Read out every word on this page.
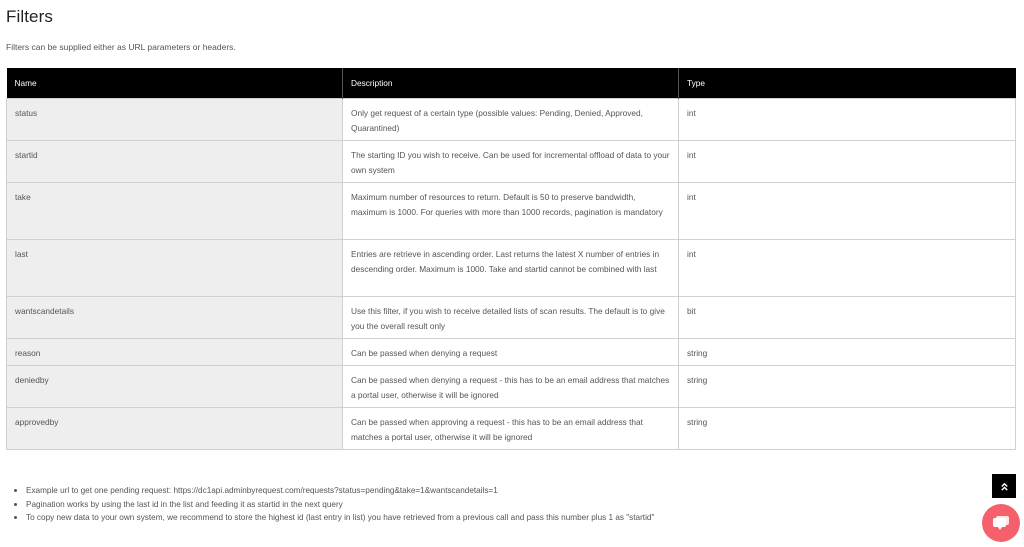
Filters

Filters can be supplied either as URL parameters or headers.

Name	Description	Type
status	Only get request of a certain type (possible values: Pending, Denied, Approved, Quarantined)	int
startid	The starting ID you wish to receive. Can be used for incremental offload of data to your own system	int
take	Maximum number of resources to return. Default is 50 to preserve bandwidth, maximum is 1000. For queries with more than 1000 records, pagination is mandatory	int
last	Entries are retrieve in ascending order. Last returns the latest X number of entries in descending order. Maximum is 1000. Take and startid cannot be combined with last	int
wantscandetails	Use this filter, if you wish to receive detailed lists of scan results. The default is to give you the overall result only	bit
reason	Can be passed when denying a request	string
deniedby	Can be passed when denying a request - this has to be an email address that matches a portal user, otherwise it will be ignored	string
approvedby	Can be passed when approving a request - this has to be an email address that matches a portal user, otherwise it will be ignored	string
Example url to get one pending request: https://dc1api.adminbyrequest.com/requests?status=pending&take=1&wantscandetails=1
Pagination works by using the last id in the list and feeding it as startid in the next query
To copy new data to your own system, we recommend to store the highest id (last entry in list) you have retrieved from a previous call and pass this number plus 1 as "startid"
